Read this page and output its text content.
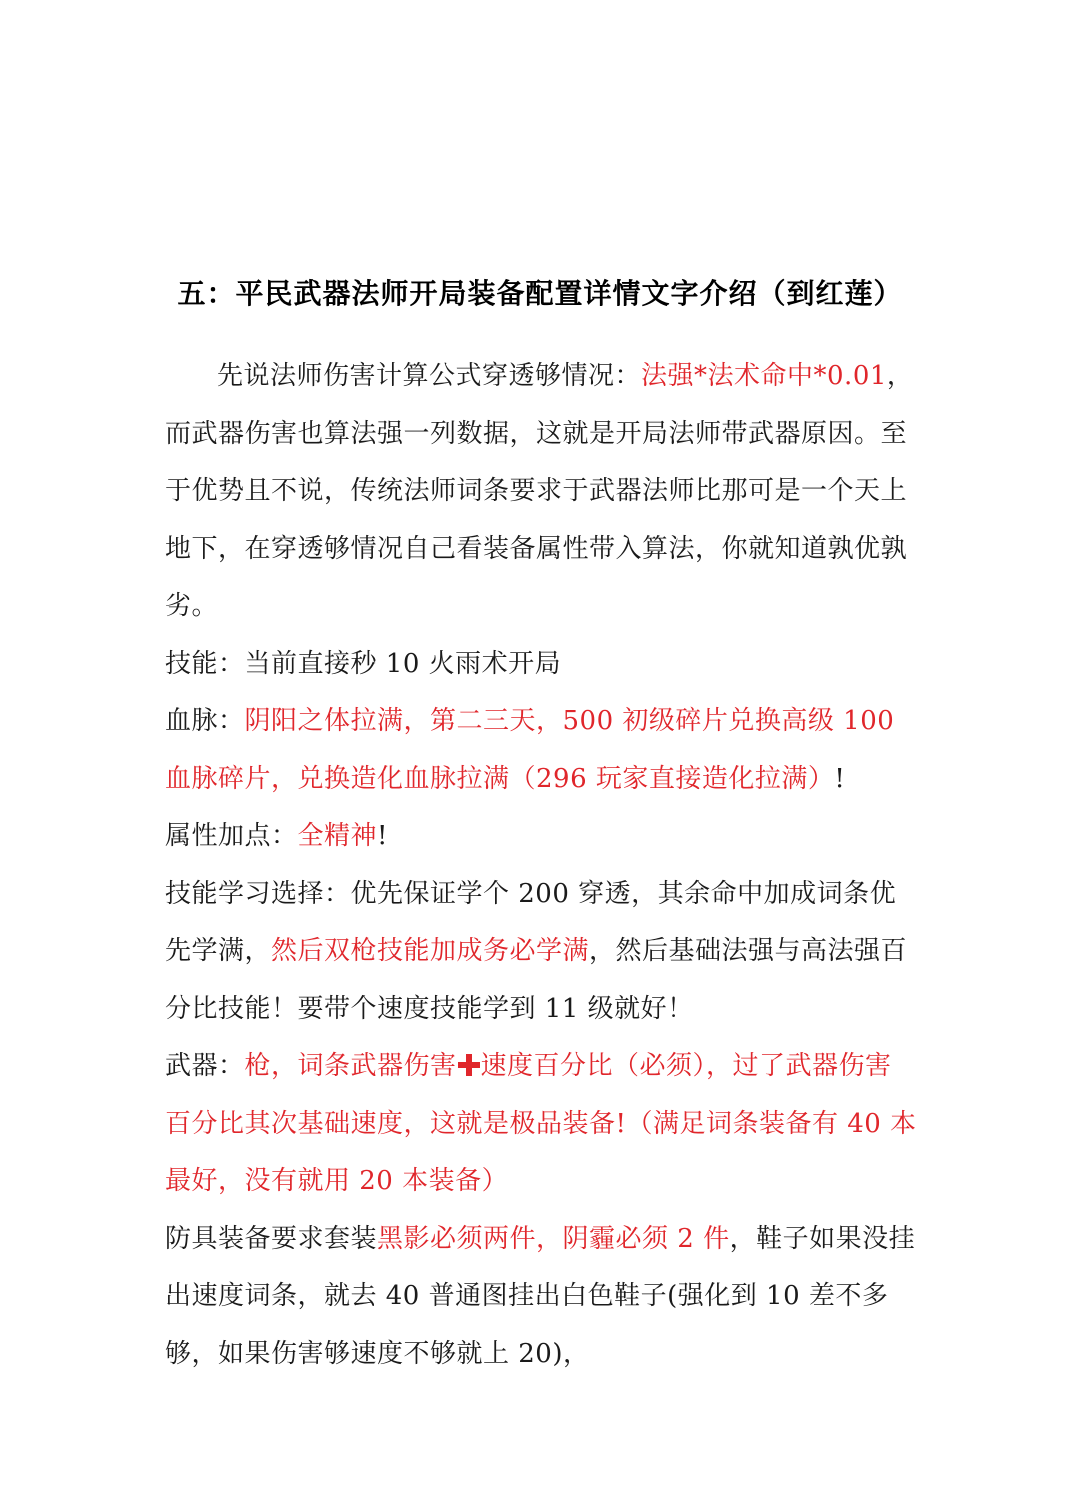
五：平民武器法师开局装备配置详情文字介绍（到红莲）

先说法师伤害计算公式穿透够情况：法强*法术命中*0.01，而武器伤害也算法强一列数据，这就是开局法师带武器原因。至于优势且不说，传统法师词条要求于武器法师比那可是一个天上地下，在穿透够情况自己看装备属性带入算法，你就知道孰优孰劣。

技能：当前直接秒 10 火雨术开局

血脉：阴阳之体拉满，第二三天，500 初级碎片兑换高级 100 血脉碎片，兑换造化血脉拉满（296 玩家直接造化拉满）!

属性加点：全精神!

技能学习选择：优先保证学个 200 穿透，其余命中加成词条优先学满，然后双枪技能加成务必学满，然后基础法强与高法强百分比技能！要带个速度技能学到 11 级就好！

武器：枪，词条武器伤害 速度百分比（必须），过了武器伤害百分比其次基础速度，这就是极品装备!（满足词条装备有 40 本最好，没有就用 20 本装备）

防具装备要求套装黑影必须两件，阴霾必须 2 件，鞋子如果没挂出速度词条，就去 40 普通图挂出白色鞋子(强化到 10 差不多够，如果伤害够速度不够就上 20)，
